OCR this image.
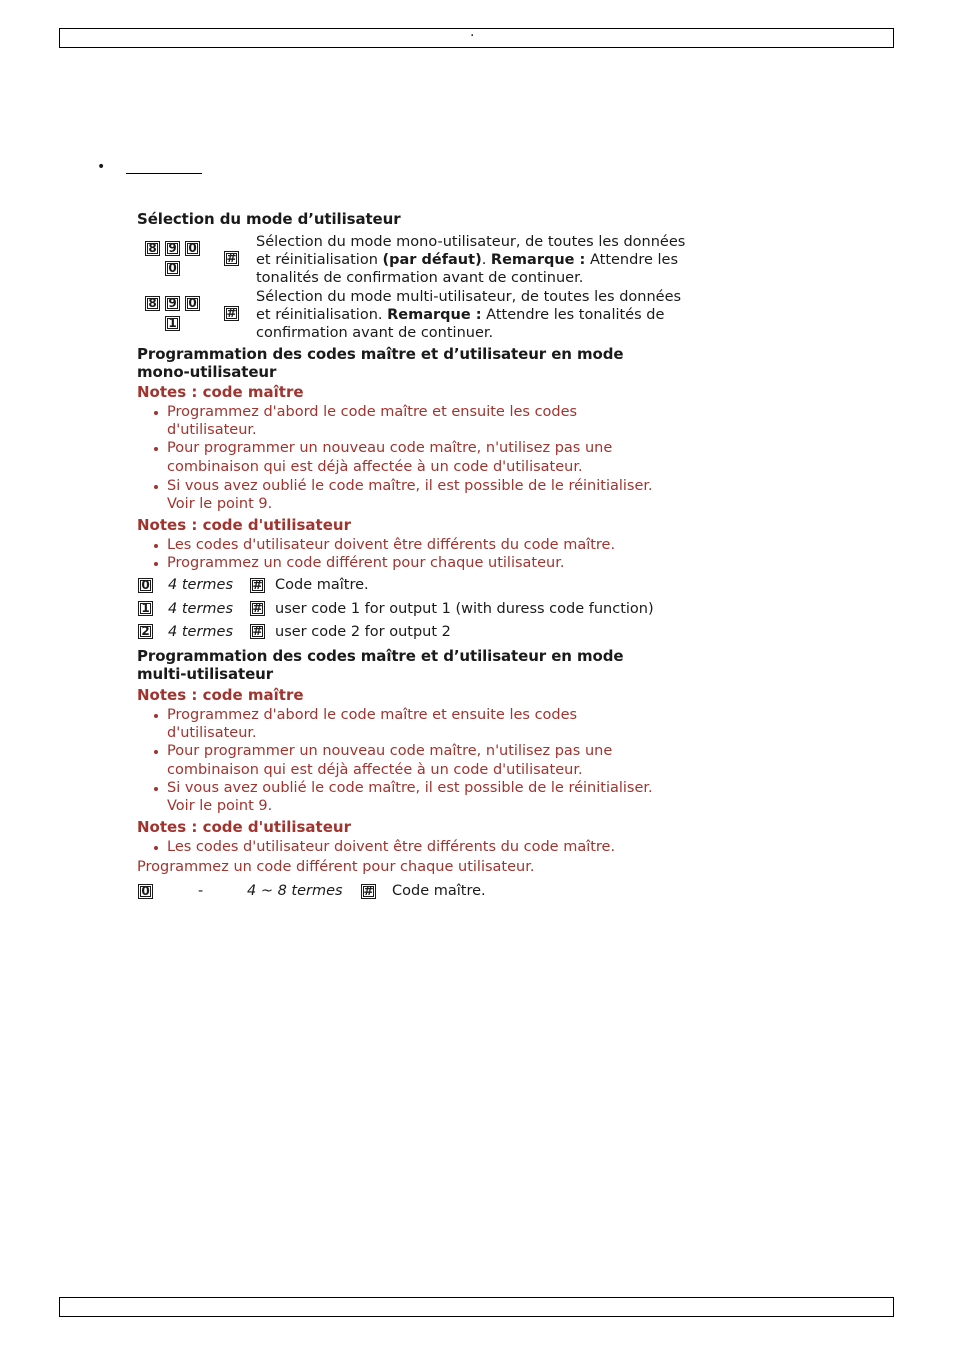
.
•
Sélection du mode d’utilisateur
8 9 0
0
#
Sélection du mode mono-utilisateur, de toutes les données
et réinitialisation (par défaut). Remarque : Attendre les
tonalités de confirmation avant de continuer.
8 9 0
1
#
Sélection du mode multi-utilisateur, de toutes les données
et réinitialisation. Remarque : Attendre les tonalités de
confirmation avant de continuer.
Programmation des codes maître et d’utilisateur en mode
mono-utilisateur
Notes : code maître
Programmez d'abord le code maître et ensuite les codes
d'utilisateur.
Pour programmer un nouveau code maître, n'utilisez pas une
combinaison qui est déjà affectée à un code d'utilisateur.
Si vous avez oublié le code maître, il est possible de le réinitialiser.
Voir le point 9.
Notes : code d'utilisateur
Les codes d'utilisateur doivent être différents du code maître.
Programmez un code différent pour chaque utilisateur.
0 4 termes # Code maître.
1 4 termes # user code 1 for output 1 (with duress code function)
2 4 termes # user code 2 for output 2
Programmation des codes maître et d’utilisateur en mode
multi-utilisateur
Notes : code maître
Programmez d'abord le code maître et ensuite les codes
d'utilisateur.
Pour programmer un nouveau code maître, n'utilisez pas une
combinaison qui est déjà affectée à un code d'utilisateur.
Si vous avez oublié le code maître, il est possible de le réinitialiser.
Voir le point 9.
Notes : code d'utilisateur
Les codes d'utilisateur doivent être différents du code maître.
Programmez un code différent pour chaque utilisateur.
0	-	4 ~ 8 termes # Code maître.
